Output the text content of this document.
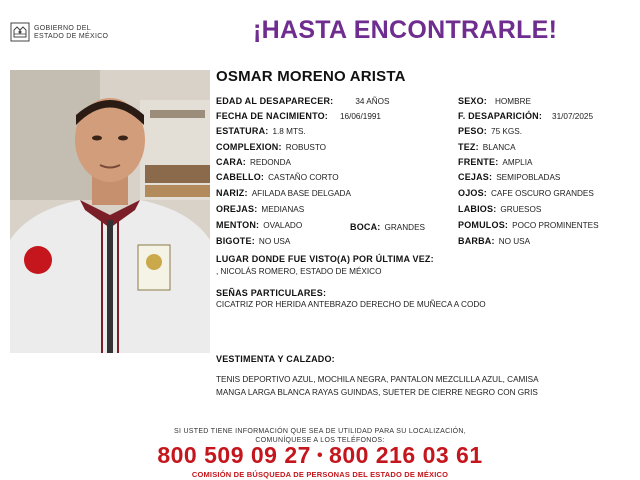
GOBIERNO DEL
ESTADO DE MÉXICO	¡HASTA ENCONTRARLE!
OSMAR MORENO ARISTA
EDAD AL DESAPARECER:	34 AÑOS
FECHA DE NACIMIENTO: 16/06/1991
ESTATURA: 1.8 MTS.
COMPLEXION: ROBUSTO
CARA: REDONDA
CABELLO: CASTAÑO CORTO
NARIZ: AFILADA BASE DELGADA
OREJAS: MEDIANAS
MENTON: OVALADO	BOCA: GRANDES
BIGOTE: NO USA
SEXO: HOMBRE
F. DESAPARICIÓN: 31/07/2025
PESO: 75 KGS.
TEZ: BLANCA
FRENTE: AMPLIA
CEJAS: SEMIPOBLADAS
OJOS: CAFE OSCURO GRANDES
LABIOS: GRUESOS
POMULOS: POCO PROMINENTES
BARBA: NO USA
LUGAR DONDE FUE VISTO(A) POR ÚLTIMA VEZ:
, NICOLÁS ROMERO, ESTADO DE MÉXICO
SEÑAS PARTICULARES:
CICATRIZ POR HERIDA ANTEBRAZO DERECHO DE MUÑECA A CODO
VESTIMENTA Y CALZADO:
TENIS DEPORTIVO AZUL, MOCHILA NEGRA, PANTALON MEZCLILLA AZUL, CAMISA
MANGA LARGA BLANCA RAYAS GUINDAS, SUETER DE CIERRE NEGRO CON GRIS
SI USTED TIENE INFORMACIÓN QUE SEA DE UTILIDAD PARA SU LOCALIZACIÓN,
COMUNÍQUESE A LOS TELÉFONOS:
800 509 09 27 • 800 216 03 61
COMISIÓN DE BÚSQUEDA DE PERSONAS DEL ESTADO DE MÉXICO
